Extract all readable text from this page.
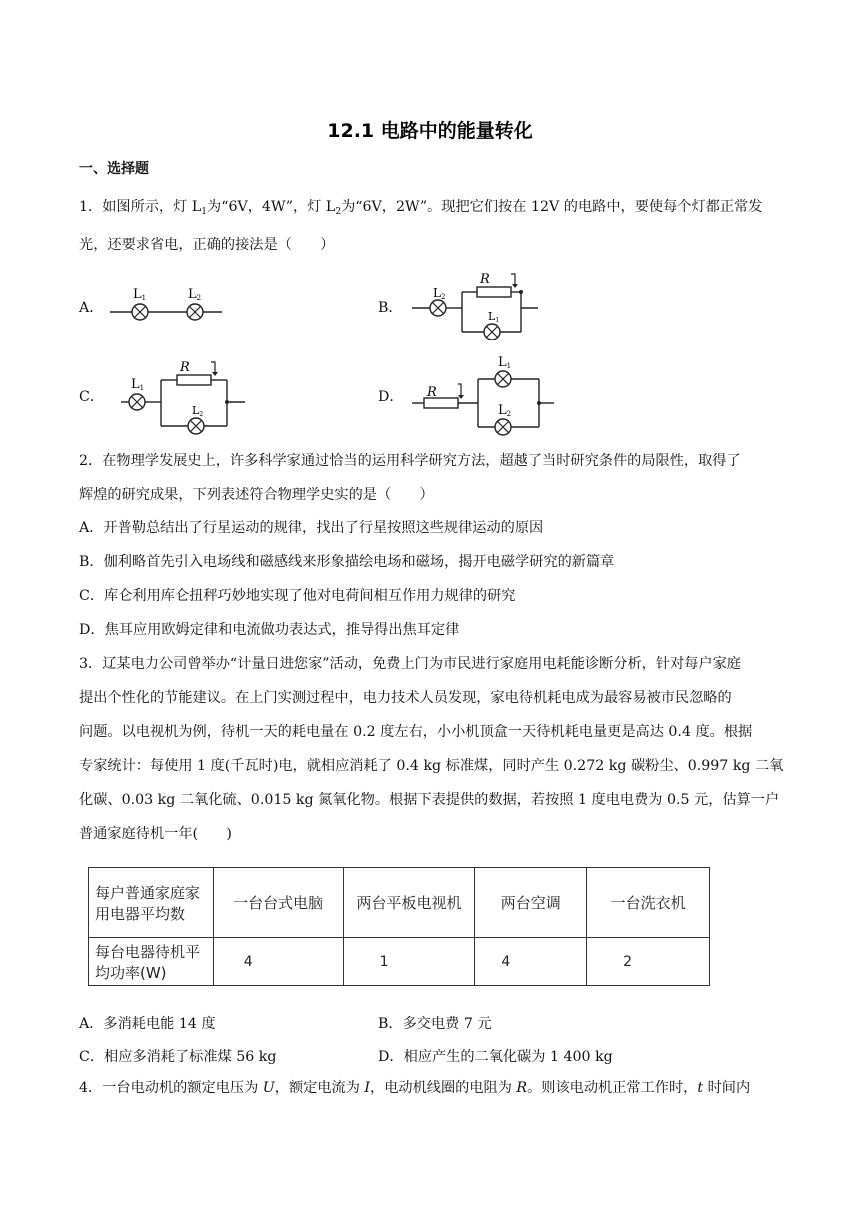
12.1 电路中的能量转化
一、选择题
1．如图所示，灯 $L_1$为“6V，4W”，灯 $L_2$为“6V，2W”。现把它们按在 12V 的电路中，要使每个灯都正常发
光，还要求省电，正确的接法是（　　）
A．	B．
C．	D．
L1	L2	L2
R
L1
L1
R
L2
R
L1
L2
2．在物理学发展史上，许多科学家通过恰当的运用科学研究方法，超越了当时研究条件的局限性，取得了
辉煌的研究成果，下列表述符合物理学史实的是（　　）
A．开普勒总结出了行星运动的规律，找出了行星按照这些规律运动的原因
B．伽利略首先引入电场线和磁感线来形象描绘电场和磁场，揭开电磁学研究的新篇章
C．库仑利用库仑扭秤巧妙地实现了他对电荷间相互作用力规律的研究
D．焦耳应用欧姆定律和电流做功表达式，推导得出焦耳定律
3．辽某电力公司曾举办“计量日进您家”活动，免费上门为市民进行家庭用电耗能诊断分析，针对每户家庭
提出个性化的节能建议。在上门实测过程中，电力技术人员发现，家电待机耗电成为最容易被市民忽略的
问题。以电视机为例，待机一天的耗电量在 0.2 度左右，小小机顶盒一天待机耗电量更是高达 0.4 度。根据
专家统计：每使用 1 度(千瓦时)电，就相应消耗了 0.4 kg 标准煤，同时产生 0.272 kg 碳粉尘、0.997 kg 二氧
化碳、0.03 kg 二氧化硫、0.015 kg 氮氧化物。根据下表提供的数据，若按照 1 度电电费为 0.5 元，估算一户
普通家庭待机一年(　　)
每户普通家庭家用电器平均数	一台台式电脑	两台平板电视机	两台空调	一台洗衣机
每台电器待机平均功率(W)	4	1	4	2
A．多消耗电能 14 度	B．多交电费 7 元
C．相应多消耗了标准煤 56 kg	D．相应产生的二氧化碳为 1 400 kg
4．一台电动机的额定电压为 U，额定电流为 I，电动机线圈的电阻为 R。则该电动机正常工作时，t 时间内
